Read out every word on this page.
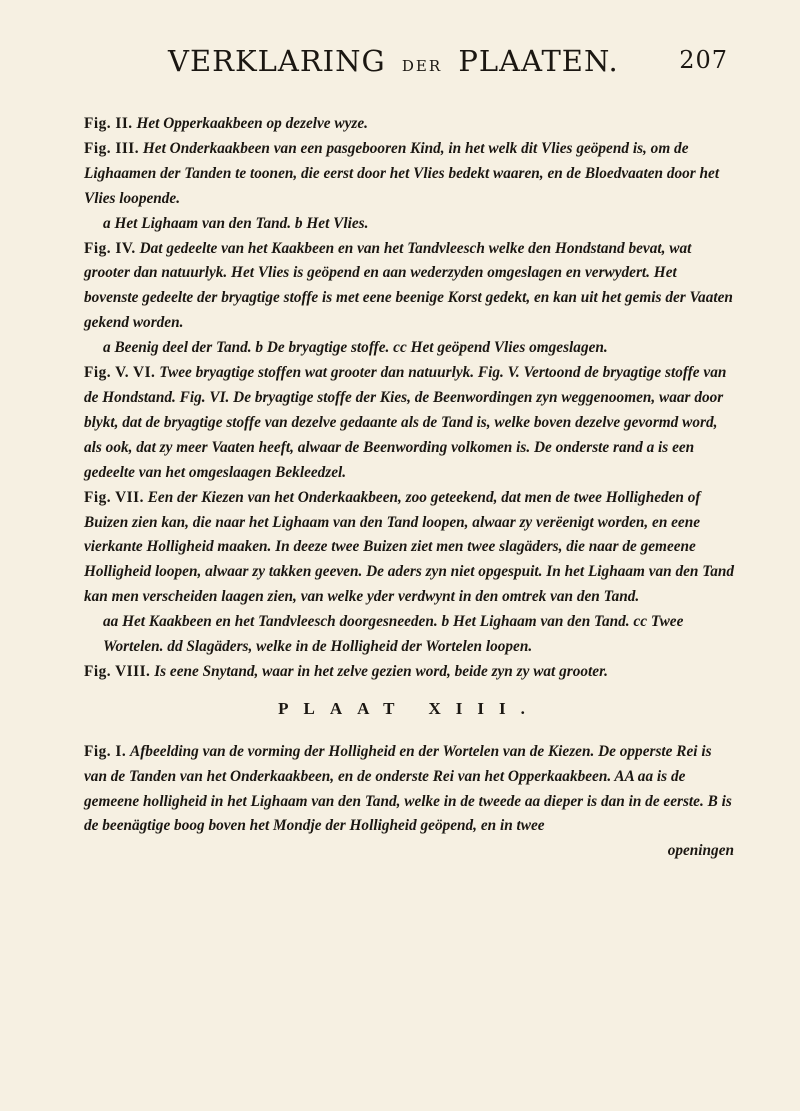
VERKLARING DER PLAATEN.	207

Fig. II. Het Opperkaakbeen op dezelve wyze.

Fig. III. Het Onderkaakbeen van een pasgebooren Kind, in het welk dit Vlies geöpend is, om de Lighaamen der Tanden te toonen, die eerst door het Vlies bedekt waaren, en de Bloedvaaten door het Vlies loopende.

a Het Lighaam van den Tand. b Het Vlies.

Fig. IV. Dat gedeelte van het Kaakbeen en van het Tandvleesch welke den Hondstand bevat, wat grooter dan natuurlyk. Het Vlies is geöpend en aan wederzyden omgeslagen en verwydert. Het bovenste gedeelte der bryagtige stoffe is met eene beenige Korst gedekt, en kan uit het gemis der Vaaten gekend worden.

a Beenig deel der Tand. b De bryagtige stoffe. cc Het geöpend Vlies omgeslagen.

Fig. V. VI. Twee bryagtige stoffen wat grooter dan natuurlyk. Fig. V. Vertoond de bryagtige stoffe van de Hondstand. Fig. VI. De bryagtige stoffe der Kies, de Beenwordingen zyn weggenoomen, waar door blykt, dat de bryagtige stoffe van dezelve gedaante als de Tand is, welke boven dezelve gevormd word, als ook, dat zy meer Vaaten heeft, alwaar de Beenwording volkomen is. De onderste rand a is een gedeelte van het omgeslaagen Bekleedzel.

Fig. VII. Een der Kiezen van het Onderkaakbeen, zoo geteekend, dat men de twee Holligheden of Buizen zien kan, die naar het Lighaam van den Tand loopen, alwaar zy verëenigt worden, en eene vierkante Holligheid maaken. In deeze twee Buizen ziet men twee slagäders, die naar de gemeene Holligheid loopen, alwaar zy takken geeven. De aders zyn niet opgespuit. In het Lighaam van den Tand kan men verscheiden laagen zien, van welke yder verdwynt in den omtrek van den Tand.

aa Het Kaakbeen en het Tandvleesch doorgesneeden. b Het Lighaam van den Tand. cc Twee Wortelen. dd Slagäders, welke in de Holligheid der Wortelen loopen.

Fig. VIII. Is eene Snytand, waar in het zelve gezien word, beide zyn zy wat grooter.

PLAAT XIII.

Fig. I. Afbeelding van de vorming der Holligheid en der Wortelen van de Kiezen. De opperste Rei is van de Tanden van het Onderkaakbeen, en de onderste Rei van het Opperkaakbeen. AA aa is de gemeene holligheid in het Lighaam van den Tand, welke in de tweede aa dieper is dan in de eerste. B is de beenägtige boog boven het Mondje der Holligheid geöpend, en in twee

openingen
